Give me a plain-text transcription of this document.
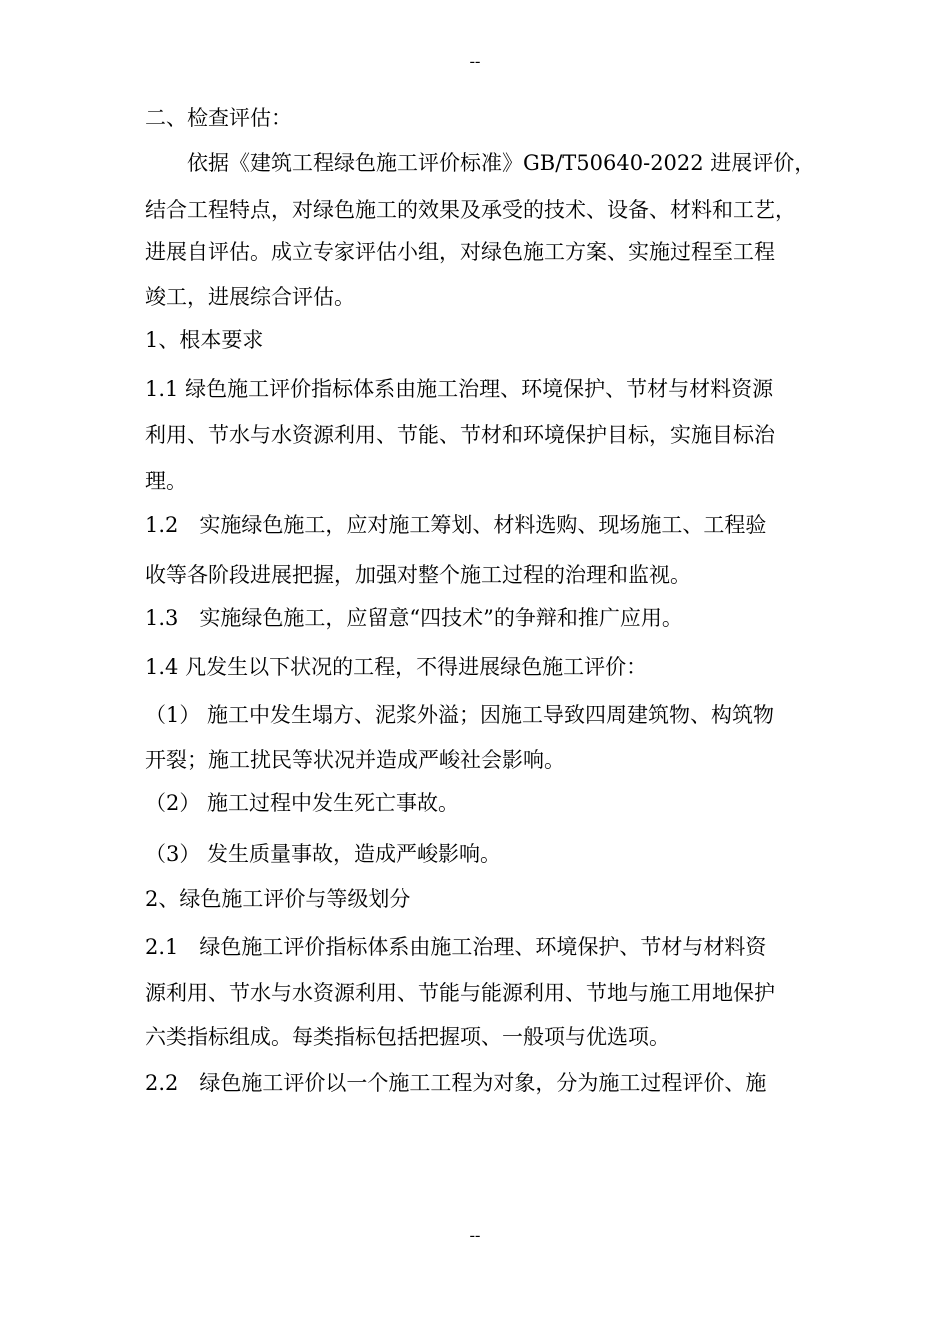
--
二、检查评估：
　　依据《建筑工程绿色施工评价标准》GB/T50640-2022 进展评价，
结合工程特点，对绿色施工的效果及承受的技术、设备、材料和工艺，
进展自评估。成立专家评估小组，对绿色施工方案、实施过程至工程
竣工，进展综合评估。
1、根本要求
1.1 绿色施工评价指标体系由施工治理、环境保护、节材与材料资源
利用、节水与水资源利用、节能、节材和环境保护目标，实施目标治
理。
1.2　实施绿色施工，应对施工筹划、材料选购、现场施工、工程验
收等各阶段进展把握，加强对整个施工过程的治理和监视。
1.3　实施绿色施工，应留意“四技术”的争辩和推广应用。
1.4 凡发生以下状况的工程，不得进展绿色施工评价：
（1） 施工中发生塌方、泥浆外溢；因施工导致四周建筑物、构筑物
开裂；施工扰民等状况并造成严峻社会影响。
（2） 施工过程中发生死亡事故。
（3） 发生质量事故，造成严峻影响。
2、绿色施工评价与等级划分
2.1　绿色施工评价指标体系由施工治理、环境保护、节材与材料资
源利用、节水与水资源利用、节能与能源利用、节地与施工用地保护
六类指标组成。每类指标包括把握项、一般项与优选项。
2.2　绿色施工评价以一个施工工程为对象，分为施工过程评价、施
--
